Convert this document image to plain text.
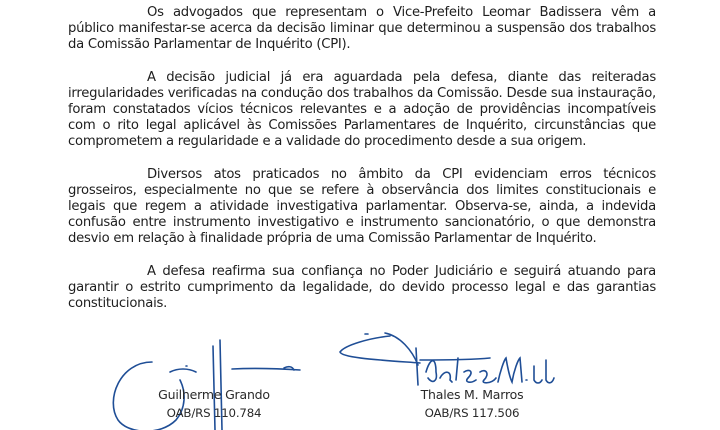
Os advogados que representam o Vice-Prefeito Leomar Badissera vêm a público manifestar-se acerca da decisão liminar que determinou a suspensão dos trabalhos da Comissão Parlamentar de Inquérito (CPI).

A decisão judicial já era aguardada pela defesa, diante das reiteradas irregularidades verificadas na condução dos trabalhos da Comissão. Desde sua instauração, foram constatados vícios técnicos relevantes e a adoção de providências incompatíveis com o rito legal aplicável às Comissões Parlamentares de Inquérito, circunstâncias que comprometem a regularidade e a validade do procedimento desde a sua origem.

Diversos atos praticados no âmbito da CPI evidenciam erros técnicos grosseiros, especialmente no que se refere à observância dos limites constitucionais e legais que regem a atividade investigativa parlamentar. Observa-se, ainda, a indevida confusão entre instrumento investigativo e instrumento sancionatório, o que demonstra desvio em relação à finalidade própria de uma Comissão Parlamentar de Inquérito.

A defesa reafirma sua confiança no Poder Judiciário e seguirá atuando para garantir o estrito cumprimento da legalidade, do devido processo legal e das garantias constitucionais.

Guilherme Grando
OAB/RS 110.784
Thales M. Marros
OAB/RS 117.506
